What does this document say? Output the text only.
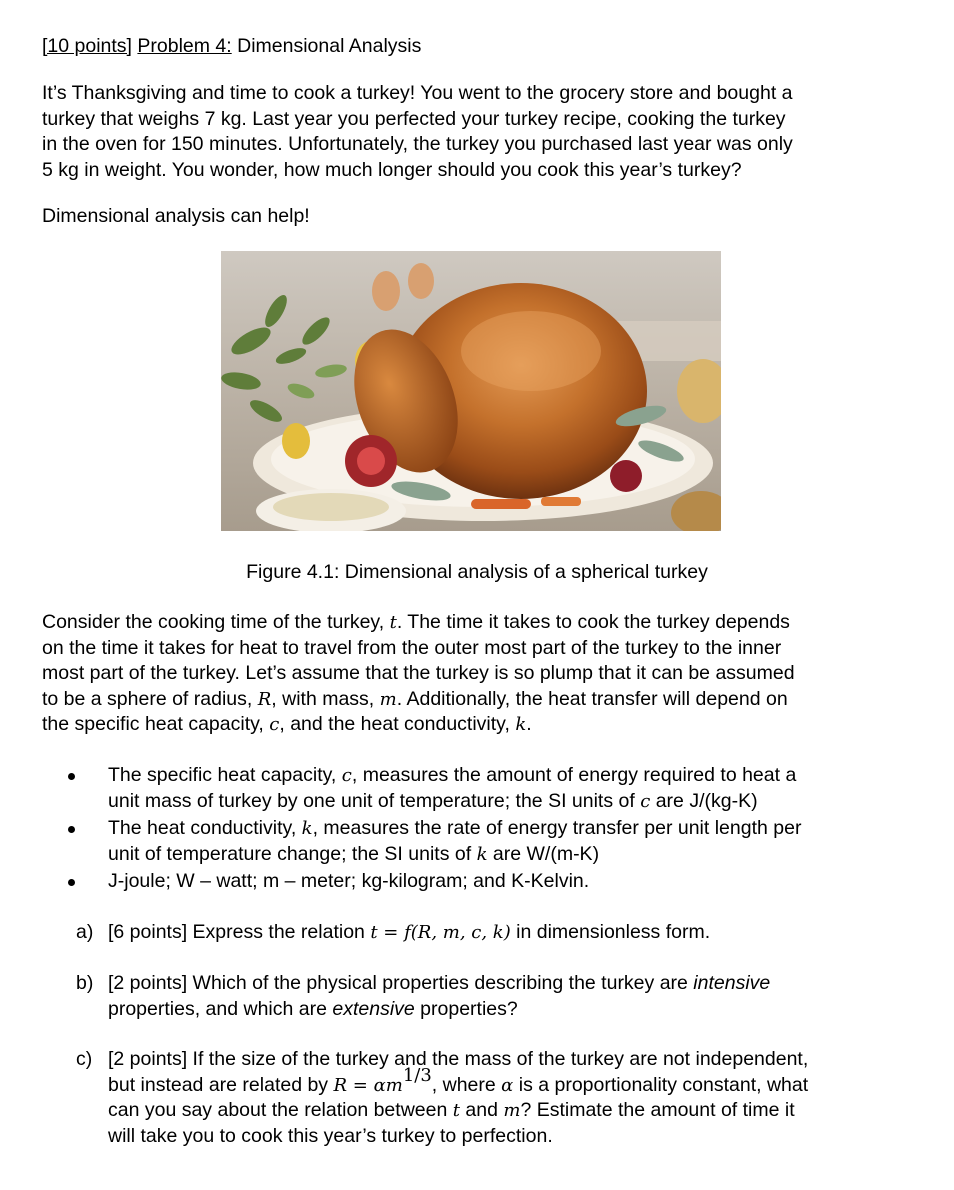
[10 points] Problem 4: Dimensional Analysis
It’s Thanksgiving and time to cook a turkey! You went to the grocery store and bought a
turkey that weighs 7 kg. Last year you perfected your turkey recipe, cooking the turkey
in the oven for 150 minutes. Unfortunately, the turkey you purchased last year was only
5 kg in weight. You wonder, how much longer should you cook this year’s turkey?
Dimensional analysis can help!
Figure 4.1: Dimensional analysis of a spherical turkey
Consider the cooking time of the turkey, t. The time it takes to cook the turkey depends
on the time it takes for heat to travel from the outer most part of the turkey to the inner
most part of the turkey. Let’s assume that the turkey is so plump that it can be assumed
to be a sphere of radius, R, with mass, m. Additionally, the heat transfer will depend on
the specific heat capacity, c, and the heat conductivity, k.
The specific heat capacity, c, measures the amount of energy required to heat a
unit mass of turkey by one unit of temperature; the SI units of c are J/(kg-K)
The heat conductivity, k, measures the rate of energy transfer per unit length per
unit of temperature change; the SI units of k are W/(m-K)
J-joule; W – watt; m – meter; kg-kilogram; and K-Kelvin.
a) [6 points] Express the relation t = f(R, m, c, k) in dimensionless form.
b) [2 points] Which of the physical properties describing the turkey are intensive
properties, and which are extensive properties?
c) [2 points] If the size of the turkey and the mass of the turkey are not independent,
but instead are related by $R = \alpha m^{1/3}$, where α is a proportionality constant, what
can you say about the relation between t and m? Estimate the amount of time it
will take you to cook this year’s turkey to perfection.
